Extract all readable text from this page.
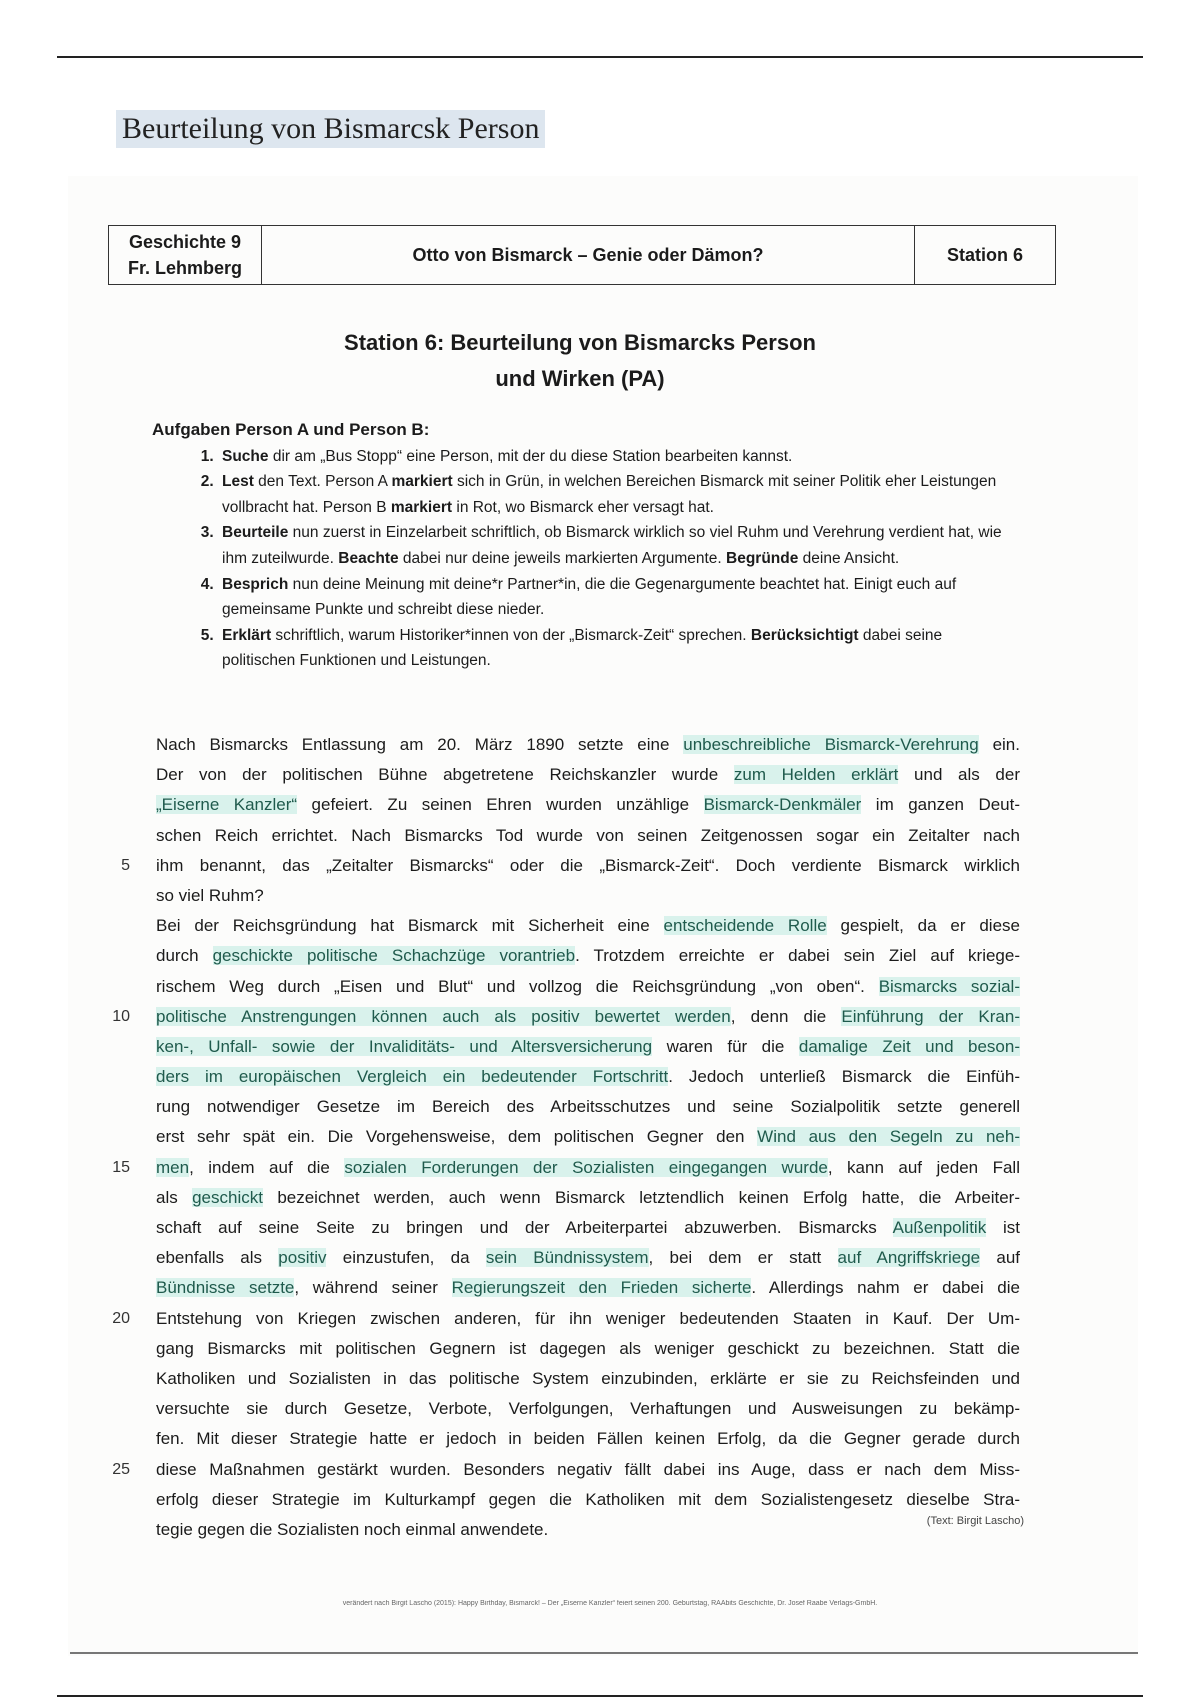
Beurteilung von Bismarcsk Person
Geschichte 9
Fr. Lehmberg
Otto von Bismarck – Genie oder Dämon?	Station 6
Station 6: Beurteilung von Bismarcks Person
und Wirken (PA)
Aufgaben Person A und Person B:
1. Suche dir am „Bus Stopp“ eine Person, mit der du diese Station bearbeiten kannst.
2. Lest den Text. Person A markiert sich in Grün, in welchen Bereichen Bismarck mit seiner Politik eher Leistungen vollbracht hat. Person B markiert in Rot, wo Bismarck eher versagt hat.
3. Beurteile nun zuerst in Einzelarbeit schriftlich, ob Bismarck wirklich so viel Ruhm und Verehrung verdient hat, wie ihm zuteilwurde. Beachte dabei nur deine jeweils markierten Argumente. Begründe deine Ansicht.
4. Besprich nun deine Meinung mit deine*r Partner*in, die die Gegenargumente beachtet hat. Einigt euch auf gemeinsame Punkte und schreibt diese nieder.
5. Erklärt schriftlich, warum Historiker*innen von der „Bismarck-Zeit“ sprechen. Berücksichtigt dabei seine politischen Funktionen und Leistungen.
Nach Bismarcks Entlassung am 20. März 1890 setzte eine unbeschreibliche Bismarck-Verehrung ein.
Der von der politischen Bühne abgetretene Reichskanzler wurde zum Helden erklärt und als der
„Eiserne Kanzler“ gefeiert. Zu seinen Ehren wurden unzählige Bismarck-Denkmäler im ganzen Deut-
schen Reich errichtet. Nach Bismarcks Tod wurde von seinen Zeitgenossen sogar ein Zeitalter nach
ihm benannt, das „Zeitalter Bismarcks“ oder die „Bismarck-Zeit“. Doch verdiente Bismarck wirklich
so viel Ruhm?
Bei der Reichsgründung hat Bismarck mit Sicherheit eine entscheidende Rolle gespielt, da er diese
durch geschickte politische Schachzüge vorantrieb. Trotzdem erreichte er dabei sein Ziel auf kriege-
rischem Weg durch „Eisen und Blut“ und vollzog die Reichsgründung „von oben“. Bismarcks sozial-
politische Anstrengungen können auch als positiv bewertet werden, denn die Einführung der Kran-
ken-, Unfall- sowie der Invaliditäts- und Altersversicherung waren für die damalige Zeit und beson-
ders im europäischen Vergleich ein bedeutender Fortschritt. Jedoch unterließ Bismarck die Einfüh-
rung notwendiger Gesetze im Bereich des Arbeitsschutzes und seine Sozialpolitik setzte generell
erst sehr spät ein. Die Vorgehensweise, dem politischen Gegner den Wind aus den Segeln zu neh-
men, indem auf die sozialen Forderungen der Sozialisten eingegangen wurde, kann auf jeden Fall
als geschickt bezeichnet werden, auch wenn Bismarck letztendlich keinen Erfolg hatte, die Arbeiter-
schaft auf seine Seite zu bringen und der Arbeiterpartei abzuwerben. Bismarcks Außenpolitik ist
ebenfalls als positiv einzustufen, da sein Bündnissystem, bei dem er statt auf Angriffskriege auf
Bündnisse setzte, während seiner Regierungszeit den Frieden sicherte. Allerdings nahm er dabei die
Entstehung von Kriegen zwischen anderen, für ihn weniger bedeutenden Staaten in Kauf. Der Um-
gang Bismarcks mit politischen Gegnern ist dagegen als weniger geschickt zu bezeichnen. Statt die
Katholiken und Sozialisten in das politische System einzubinden, erklärte er sie zu Reichsfeinden und
versuchte sie durch Gesetze, Verbote, Verfolgungen, Verhaftungen und Ausweisungen zu bekämp-
fen. Mit dieser Strategie hatte er jedoch in beiden Fällen keinen Erfolg, da die Gegner gerade durch
diese Maßnahmen gestärkt wurden. Besonders negativ fällt dabei ins Auge, dass er nach dem Miss-
erfolg dieser Strategie im Kulturkampf gegen die Katholiken mit dem Sozialistengesetz dieselbe Stra-
tegie gegen die Sozialisten noch einmal anwendete.
5
10
15
20
25
(Text: Birgit Lascho)
verändert nach Birgit Lascho (2015): Happy Birthday, Bismarck! – Der „Eiserne Kanzler“ feiert seinen 200. Geburtstag, RAAbits Geschichte, Dr. Josef Raabe Verlags-GmbH.
